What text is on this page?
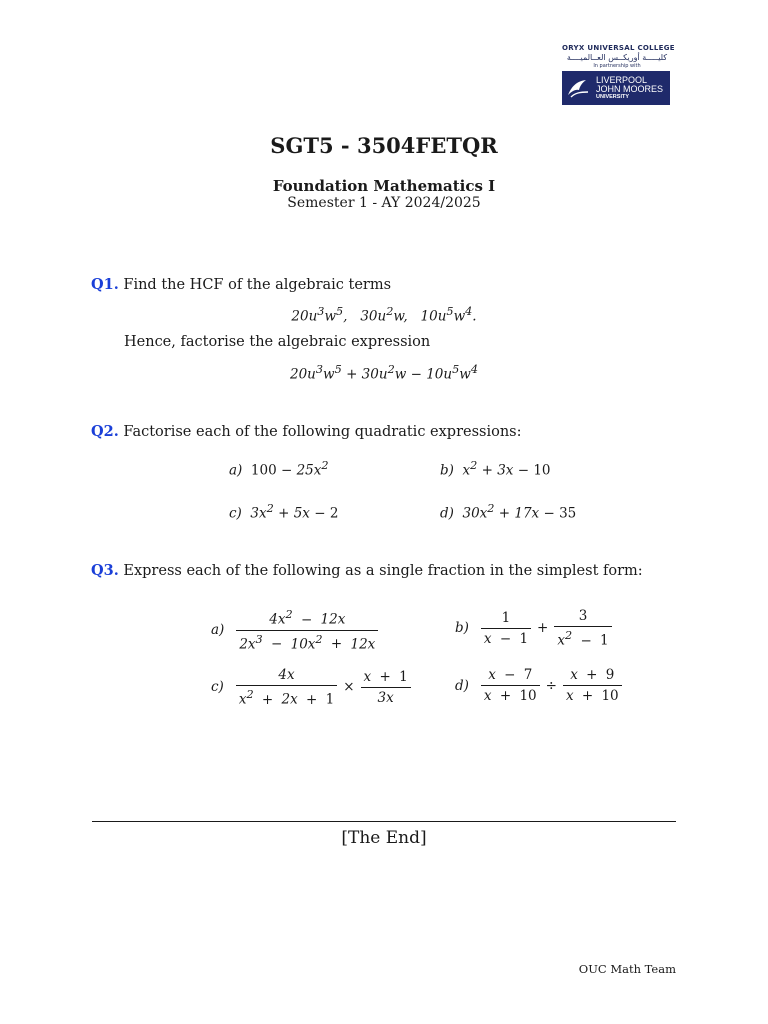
ORYX UNIVERSAL COLLEGE
كليـــــة أوريكــس العــالميــــة
In partnership with
LIVERPOOL
JOHN MOORES
UNIVERSITY
SGT5 - 3504FETQR
Foundation Mathematics I
Semester 1 - AY 2024/2025
Q1. Find the HCF of the algebraic terms
$20u^3w^5$,   $30u^2w$,   $10u^5w^4$.
Hence, factorise the algebraic expression
$20u^3w^5 + 30u^2w - 10u^5w^4$
Q2. Factorise each of the following quadratic expressions:
a) $100 - 25x^2$	b)  $x^2 + 3x - 10$
c)  $3x^2 + 5x - 2$	d)  $30x^2 + 17x - 35$
Q3. Express each of the following as a single fraction in the simplest form:
$a) \frac{4x^2 - 12x}{2x^3 - 10x^2 + 12x}$	$b) \frac{1}{x - 1} + \frac{3}{x^2 - 1}$
$c) \frac{4x}{x^2 + 2x + 1} \times \frac{x + 1}{3x}$	$d) \frac{x - 7}{x + 10} \div \frac{x + 9}{x + 10}$
[The End]
OUC Math Team
